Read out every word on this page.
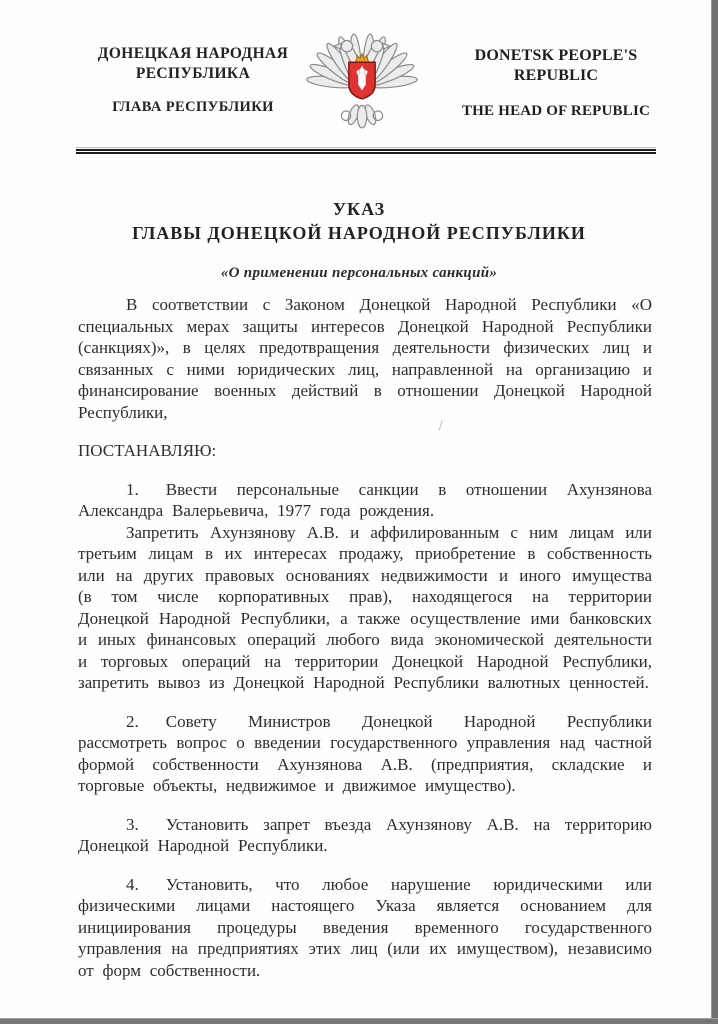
ДОНЕЦКАЯ НАРОДНАЯ РЕСПУБЛИКА
ГЛАВА РЕСПУБЛИКИ
DONETSK PEOPLE'S REPUBLIC
THE HEAD OF REPUBLIC
УКАЗ
ГЛАВЫ ДОНЕЦКОЙ НАРОДНОЙ РЕСПУБЛИКИ
«О применении персональных санкций»

В соответствии с Законом Донецкой Народной Республики «О специальных мерах защиты интересов Донецкой Народной Республики (санкциях)», в целях предотвращения деятельности физических лиц и связанных с ними юридических лиц, направленной на организацию и финансирование военных действий в отношении Донецкой Народной Республики,

ПОСТАНАВЛЯЮ:

1. Ввести персональные санкции в отношении Ахунзянова Александра Валерьевича, 1977 года рождения.

Запретить Ахунзянову А.В. и аффилированным с ним лицам или третьим лицам в их интересах продажу, приобретение в собственность или на других правовых основаниях недвижимости и иного имущества (в том числе корпоративных прав), находящегося на территории Донецкой Народной Республики, а также осуществление ими банковских и иных финансовых операций любого вида экономической деятельности и торговых операций на территории Донецкой Народной Республики, запретить вывоз из Донецкой Народной Республики валютных ценностей.

2. Совету Министров Донецкой Народной Республики рассмотреть вопрос о введении государственного управления над частной формой собственности Ахунзянова А.В. (предприятия, складские и торговые объекты, недвижимое и движимое имущество).

3. Установить запрет въезда Ахунзянову А.В. на территорию Донецкой Народной Республики.

4. Установить, что любое нарушение юридическими или физическими лицами настоящего Указа является основанием для инициирования процедуры введения временного государственного управления на предприятиях этих лиц (или их имуществом), независимо от форм собственности.
